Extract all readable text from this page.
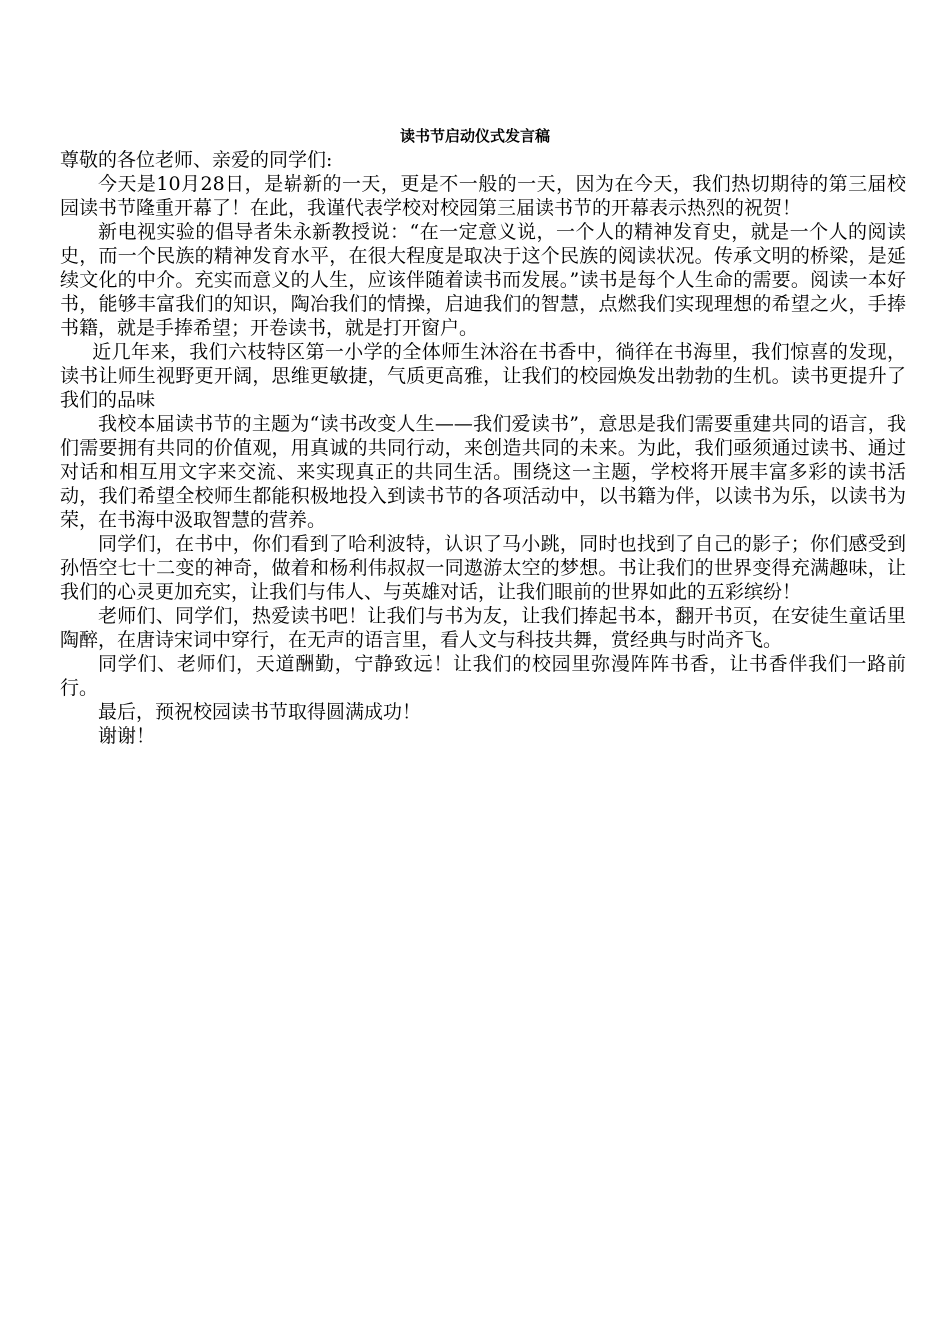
读书节启动仪式发言稿

尊敬的各位老师、亲爱的同学们:

今天是10月28日，是崭新的一天，更是不一般的一天，因为在今天，我们热切期待的第三届校园读书节隆重开幕了！在此，我谨代表学校对校园第三届读书节的开幕表示热烈的祝贺！

新电视实验的倡导者朱永新教授说：“在一定意义说，一个人的精神发育史，就是一个人的阅读史，而一个民族的精神发育水平，在很大程度是取决于这个民族的阅读状况。传承文明的桥梁，是延续文化的中介。充实而意义的人生，应该伴随着读书而发展。”读书是每个人生命的需要。阅读一本好书，能够丰富我们的知识，陶冶我们的情操，启迪我们的智慧，点燃我们实现理想的希望之火，手捧书籍，就是手捧希望；开卷读书，就是打开窗户。

近几年来，我们六枝特区第一小学的全体师生沐浴在书香中，徜徉在书海里，我们惊喜的发现，读书让师生视野更开阔，思维更敏捷，气质更高雅，让我们的校园焕发出勃勃的生机。读书更提升了我们的品味

我校本届读书节的主题为“读书改变人生——我们爱读书”，意思是我们需要重建共同的语言，我们需要拥有共同的价值观，用真诚的共同行动，来创造共同的未来。为此，我们亟须通过读书、通过对话和相互用文字来交流、来实现真正的共同生活。围绕这一主题，学校将开展丰富多彩的读书活动，我们希望全校师生都能积极地投入到读书节的各项活动中，以书籍为伴，以读书为乐，以读书为荣，在书海中汲取智慧的营养。

同学们，在书中，你们看到了哈利波特，认识了马小跳，同时也找到了自己的影子；你们感受到孙悟空七十二变的神奇，做着和杨利伟叔叔一同遨游太空的梦想。书让我们的世界变得充满趣味，让我们的心灵更加充实，让我们与伟人、与英雄对话，让我们眼前的世界如此的五彩缤纷！

老师们、同学们，热爱读书吧！让我们与书为友，让我们捧起书本，翻开书页，在安徒生童话里陶醉，在唐诗宋词中穿行，在无声的语言里，看人文与科技共舞，赏经典与时尚齐飞。

同学们、老师们，天道酬勤，宁静致远！让我们的校园里弥漫阵阵书香，让书香伴我们一路前行。

最后，预祝校园读书节取得圆满成功！

谢谢！
